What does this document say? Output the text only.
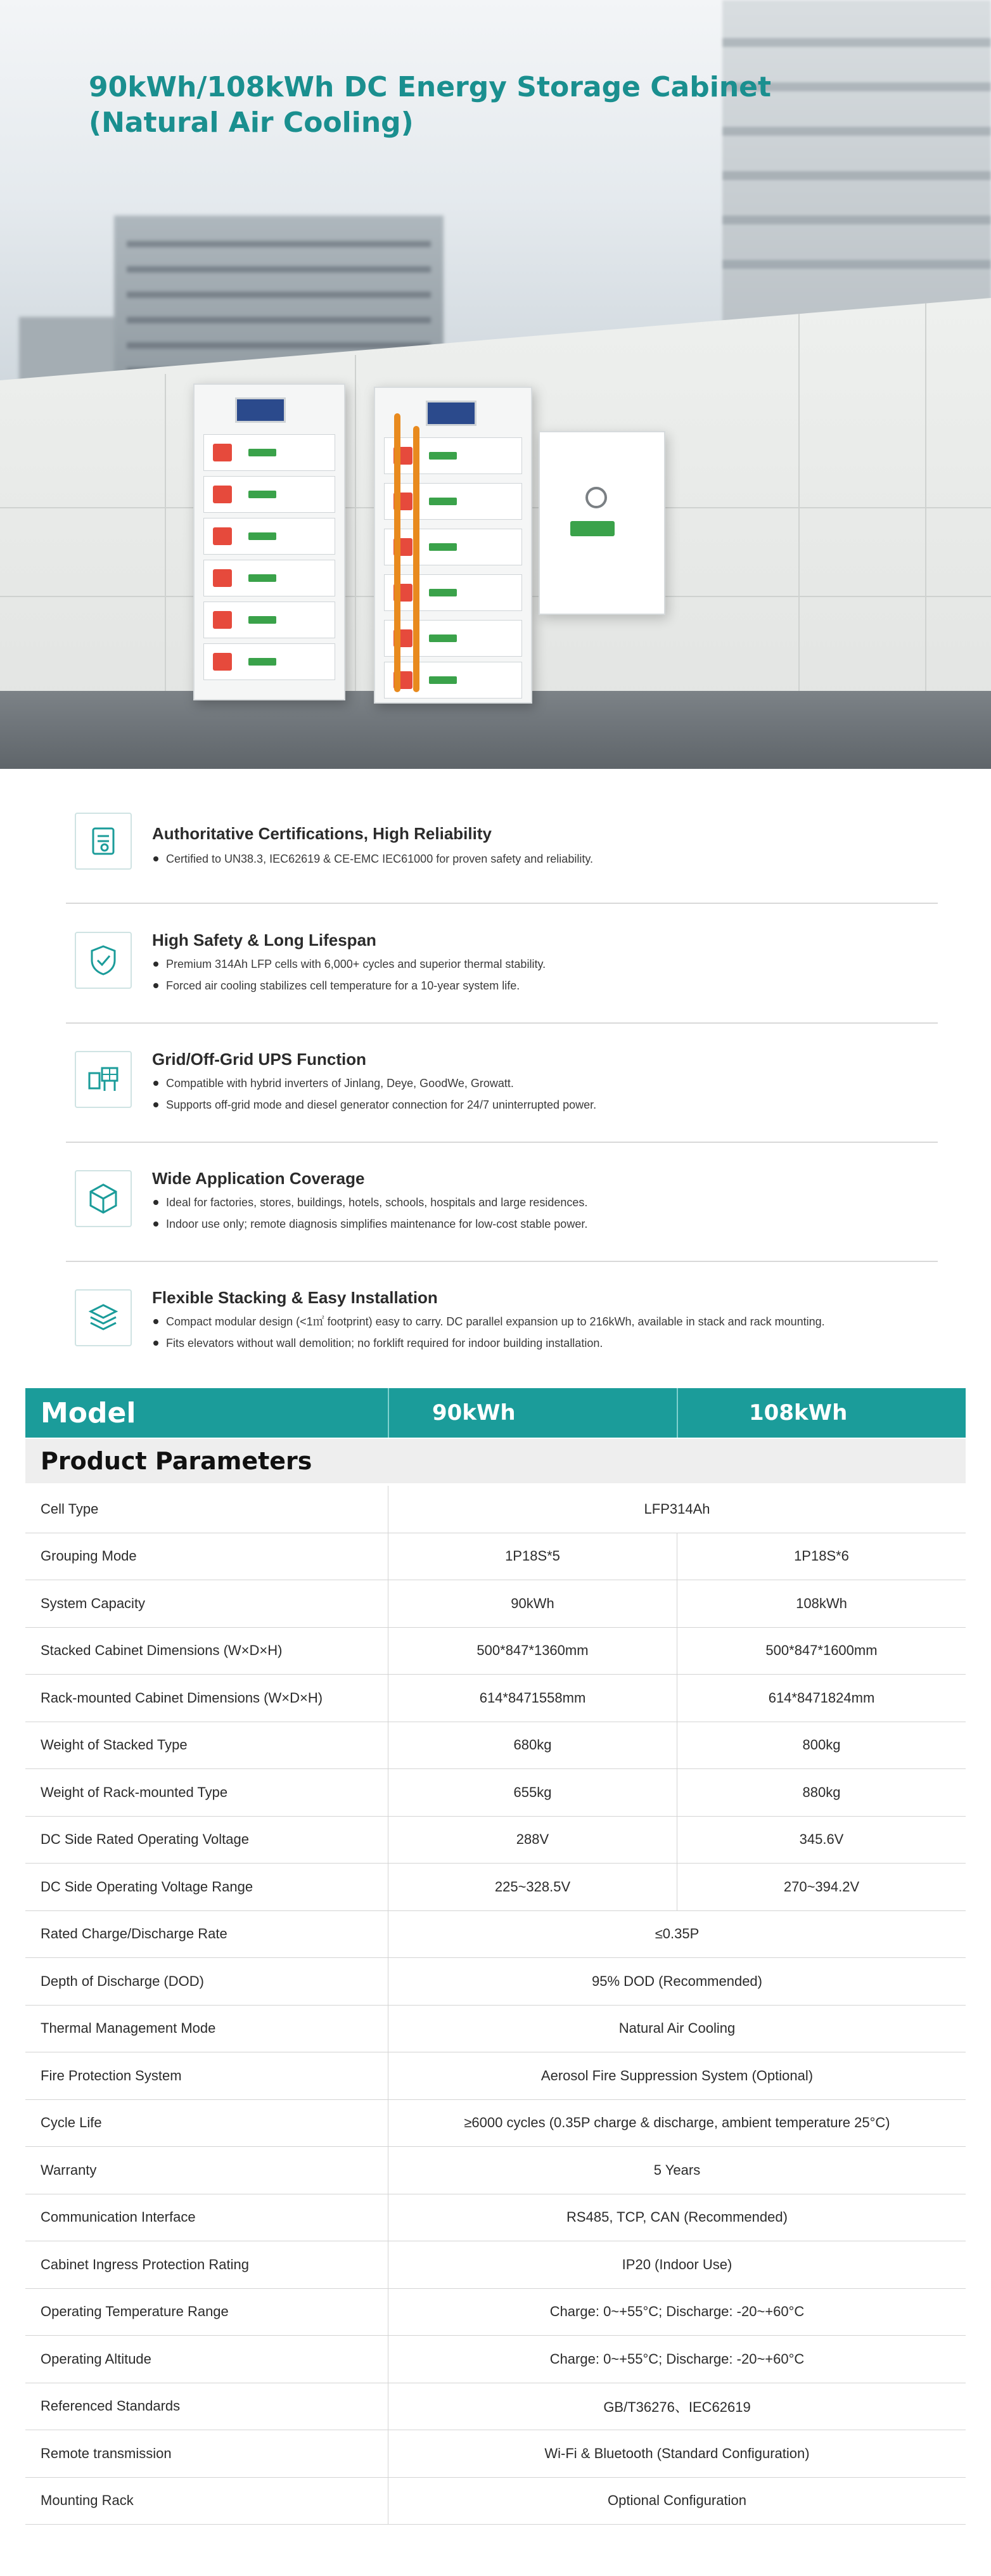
90kWh/108kWh DC Energy Storage Cabinet
(Natural Air Cooling)
Authoritative Certifications, High Reliability
Certified to UN38.3, IEC62619 & CE-EMC IEC61000 for proven safety and reliability.
High Safety & Long Lifespan
Premium 314Ah LFP cells with 6,000+ cycles and superior thermal stability.
Forced air cooling stabilizes cell temperature for a 10-year system life.
Grid/Off-Grid UPS Function
Compatible with hybrid inverters of Jinlang, Deye, GoodWe, Growatt.
Supports off-grid mode and diesel generator connection for 24/7 uninterrupted power.
Wide Application Coverage
Ideal for factories, stores, buildings, hotels, schools, hospitals and large residences.
Indoor use only; remote diagnosis simplifies maintenance for low-cost stable power.
Flexible Stacking & Easy Installation
Compact modular design (<1㎡ footprint) easy to carry. DC parallel expansion up to 216kWh, available in stack and rack mounting.
Fits elevators without wall demolition; no forklift required for indoor building installation.
Model	90kWh	108kWh
Product Parameters
Cell Type	LFP314Ah
Grouping Mode	1P18S*5	1P18S*6
System Capacity	90kWh	108kWh
Stacked Cabinet Dimensions (W×D×H)	500*847*1360mm	500*847*1600mm
Rack-mounted Cabinet Dimensions (W×D×H)	614*8471558mm	614*8471824mm
Weight of Stacked Type	680kg	800kg
Weight of Rack-mounted Type	655kg	880kg
DC Side Rated Operating Voltage	288V	345.6V
DC Side Operating Voltage Range	225~328.5V	270~394.2V
Rated Charge/Discharge Rate	≤0.35P
Depth of Discharge (DOD)	95% DOD (Recommended)
Thermal Management Mode	Natural Air Cooling
Fire Protection System	Aerosol Fire Suppression System (Optional)
Cycle Life	≥6000 cycles (0.35P charge & discharge, ambient temperature 25°C)
Warranty	5 Years
Communication Interface	RS485, TCP, CAN (Recommended)
Cabinet Ingress Protection Rating	IP20 (Indoor Use)
Operating Temperature Range	Charge: 0~+55°C; Discharge: -20~+60°C
Operating Altitude	Charge: 0~+55°C; Discharge: -20~+60°C
Referenced Standards	GB/T36276、IEC62619
Remote transmission	Wi-Fi & Bluetooth (Standard Configuration)
Mounting Rack	Optional Configuration
